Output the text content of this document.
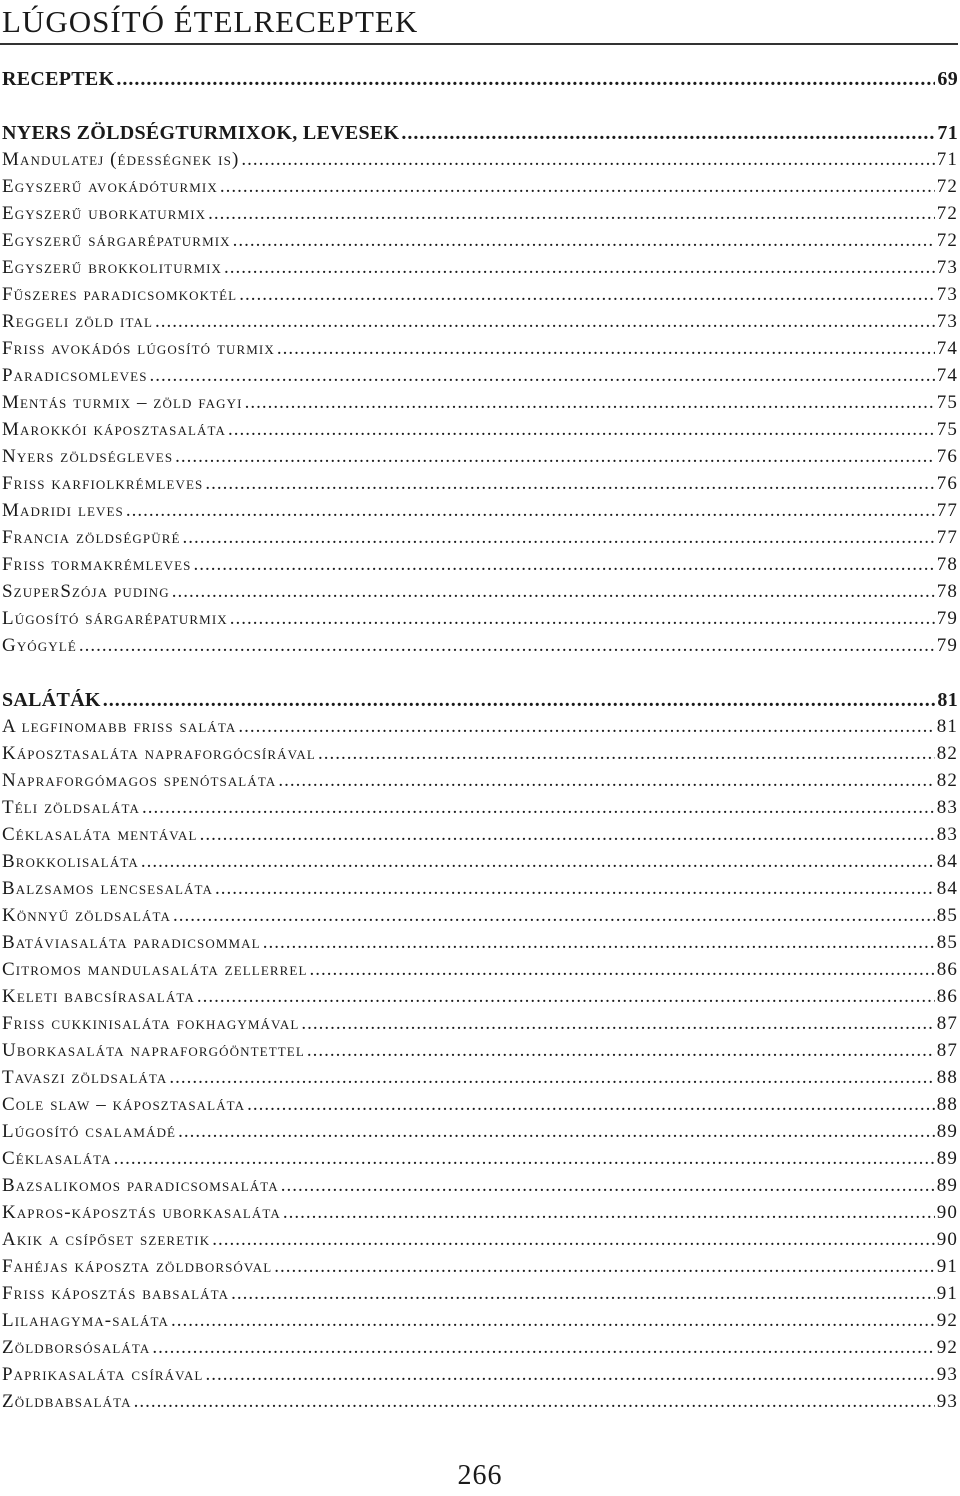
LÚGOSÍTÓ ÉTELRECEPTEK
RECEPTEK .....	69
NYERS ZÖLDSÉGTURMIXOK, LEVESEK .....	71
Mandulatej (édességnek is) .....	71
Egyszerű avokádóturmix .....	72
Egyszerű uborkaturmix .....	72
Egyszerű sárgarépaturmix .....	72
Egyszerű brokkoliturmix .....	73
Fűszeres paradicsomkoktél .....	73
Reggeli zöld ital .....	73
Friss avokádós lúgosító turmix .....	74
Paradicsomleves .....	74
Mentás turmix – zöld fagyi .....	75
Marokkói káposztasaláta .....	75
Nyers zöldségleves .....	76
Friss karfiolkrémleves .....	76
Madridi leves .....	77
Francia zöldségpüré .....	77
Friss tormakrémleves .....	78
SzuperSzója puding .....	78
Lúgosító sárgarépaturmix .....	79
Gyógylé .....	79
SALÁTÁK .....	81
A legfinomabb friss saláta .....	81
Káposztasaláta napraforgócsírával .....	82
Napraforgómagos spenótsaláta .....	82
Téli zöldsaláta .....	83
Céklasaláta mentával .....	83
Brokkolisaláta .....	84
Balzsamos lencsesaláta .....	84
Könnyű zöldsaláta .....	85
Batáviasaláta paradicsommal .....	85
Citromos mandulasaláta zellerrel .....	86
Keleti babcsírasaláta .....	86
Friss cukkinisaláta fokhagymával .....	87
Uborkasaláta napraforgóöntettel .....	87
Tavaszi zöldsaláta .....	88
Cole slaw – káposztasaláta .....	88
Lúgosító csalamádé .....	89
Céklasaláta .....	89
Bazsalikomos paradicsomsaláta .....	89
Kapros-káposztás uborkasaláta .....	90
Akik a csípőset szeretik .....	90
Fahéjas káposzta zöldborsóval .....	91
Friss káposztás babsaláta .....	91
Lilahagyma-saláta .....	92
Zöldborsósaláta .....	92
Paprikasaláta csírával .....	93
Zöldbabsaláta .....	93
266
